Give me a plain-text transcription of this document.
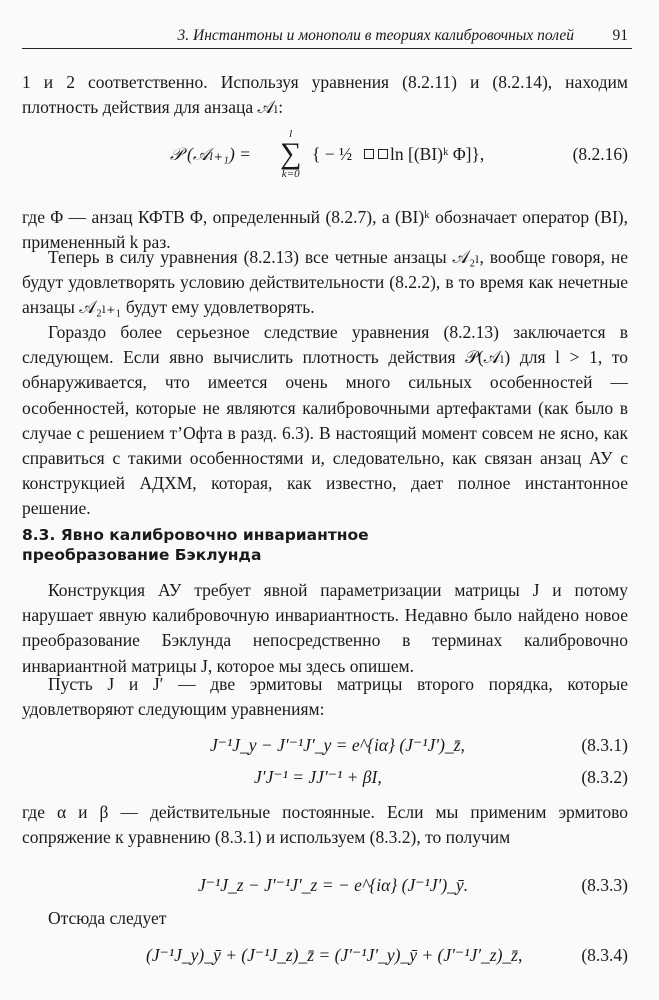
3. Инстантоны и монополи в теориях калибровочных полей 91

1 и 2 соответственно. Используя уравнения (8.2.11) и (8.2.14), находим плотность действия для анзаца 𝒜ₗ:

𝒫 (𝒜ₗ₊₁) =
l
∑
k=0
{ − ½ ln [(BI)ᵏ Φ]},	(8.2.16)

где Φ — анзац КФТВ Φ, определенный (8.2.7), а (BI)ᵏ обозначает оператор (BI), примененный k раз.

Теперь в силу уравнения (8.2.13) все четные анзацы 𝒜₂ₗ, вообще говоря, не будут удовлетворять условию действительности (8.2.2), в то время как нечетные анзацы 𝒜₂ₗ₊₁ будут ему удовлетворять.

Гораздо более серьезное следствие уравнения (8.2.13) заключается в следующем. Если явно вычислить плотность действия 𝒫(𝒜ₗ) для l > 1, то обнаруживается, что имеется очень много сильных особенностей — особенностей, которые не являются калибровочными артефактами (как было в случае с решением т’Офта в разд. 6.3). В настоящий момент совсем не ясно, как справиться с такими особенностями и, следовательно, как связан анзац АУ с конструкцией АДХМ, которая, как известно, дает полное инстантонное решение.

8.3. Явно калибровочно инвариантное
преобразование Бэклунда

Конструкция АУ требует явной параметризации матрицы J и потому нарушает явную калибровочную инвариантность. Недавно было найдено новое преобразование Бэклунда непосредственно в терминах калибровочно инвариантной матрицы J, которое мы здесь опишем.

Пусть J и J′ — две эрмитовы матрицы второго порядка, которые удовлетворяют следующим уравнениям:

J⁻¹J_y − J′⁻¹J′_y = e^{iα} (J⁻¹J′)_z̄,	(8.3.1)
J′J⁻¹ = JJ′⁻¹ + βI,	(8.3.2)

где α и β — действительные постоянные. Если мы применим эрмитово сопряжение к уравнению (8.3.1) и используем (8.3.2), то получим

J⁻¹J_z − J′⁻¹J′_z = − e^{iα} (J⁻¹J′)_ȳ.	(8.3.3)

Отсюда следует

(J⁻¹J_y)_ȳ + (J⁻¹J_z)_z̄ = (J′⁻¹J′_y)_ȳ + (J′⁻¹J′_z)_z̄,	(8.3.4)
